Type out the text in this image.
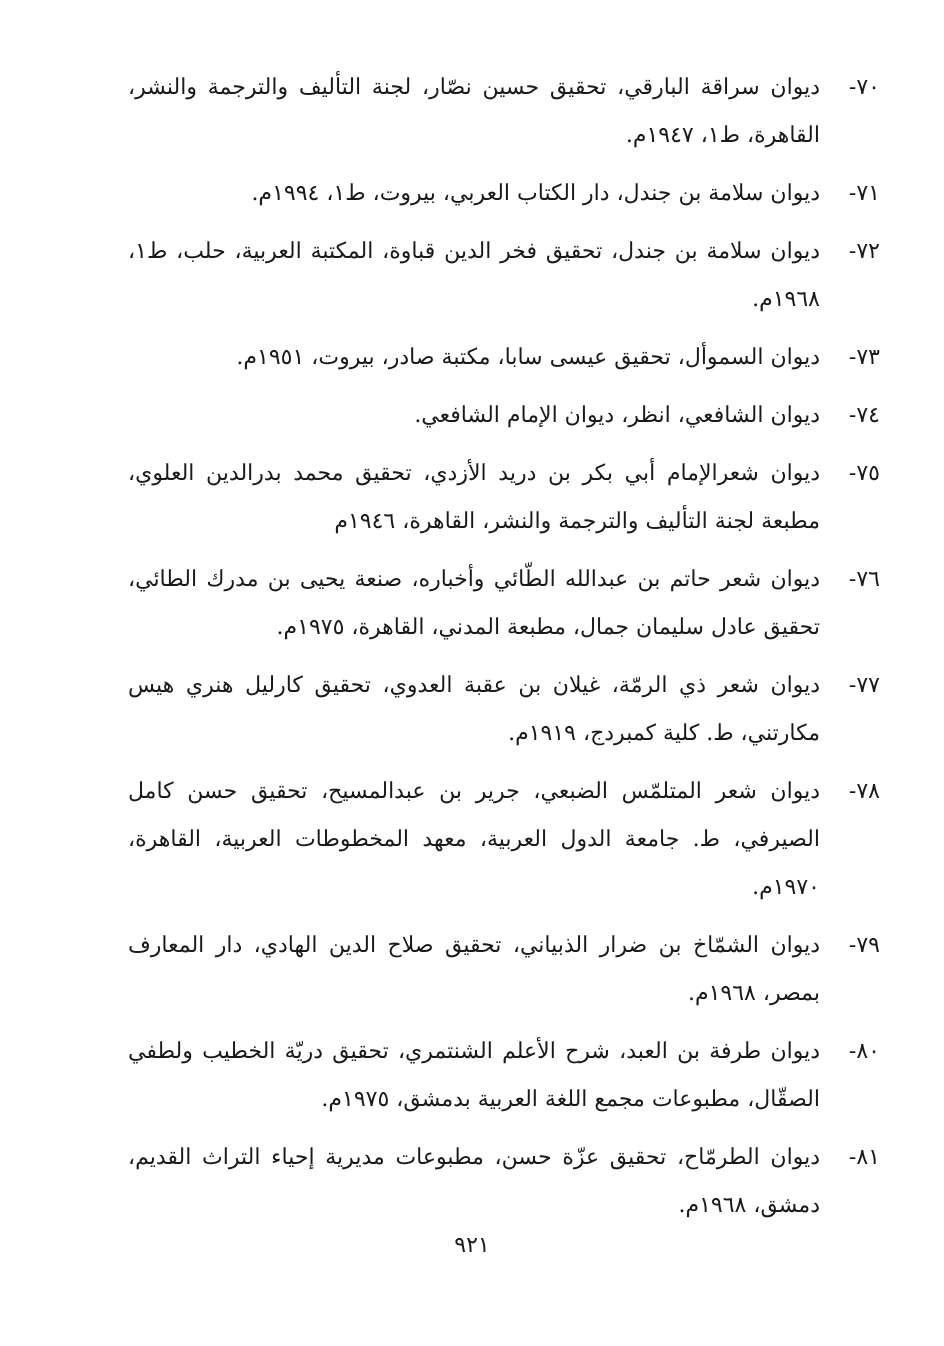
٧٠-
ديوان سراقة البارقي، تحقيق حسين نصّار، لجنة التأليف والترجمة والنشر، القاهرة، ط١، ١٩٤٧م.
٧١-
ديوان سلامة بن جندل، دار الكتاب العربي، بيروت، ط١، ١٩٩٤م.
٧٢-
ديوان سلامة بن جندل، تحقيق فخر الدين قباوة، المكتبة العربية، حلب، ط١، ١٩٦٨م.
٧٣-
ديوان السموأل، تحقيق عيسى سابا، مكتبة صادر، بيروت، ١٩٥١م.
٧٤-
ديوان الشافعي، انظر، ديوان الإمام الشافعي.
٧٥-
ديوان شعرالإمام أبي بكر بن دريد الأزدي، تحقيق محمد بدرالدين العلوي، مطبعة لجنة التأليف والترجمة والنشر، القاهرة، ١٩٤٦م
٧٦-
ديوان شعر حاتم بن عبدالله الطّائي وأخباره، صنعة يحيى بن مدرك الطائي، تحقيق عادل سليمان جمال، مطبعة المدني، القاهرة، ١٩٧٥م.
٧٧-
ديوان شعر ذي الرمّة، غيلان بن عقبة العدوي، تحقيق كارليل هنري هيس مكارتني، ط. كلية كمبردج، ١٩١٩م.
٧٨-
ديوان شعر المتلمّس الضبعي، جرير بن عبدالمسيح، تحقيق حسن كامل الصيرفي، ط. جامعة الدول العربية، معهد المخطوطات العربية، القاهرة، ١٩٧٠م.
٧٩-
ديوان الشمّاخ بن ضرار الذبياني، تحقيق صلاح الدين الهادي، دار المعارف بمصر، ١٩٦٨م.
٨٠-
ديوان طرفة بن العبد، شرح الأعلم الشنتمري، تحقيق دريّة الخطيب ولطفي الصقّال، مطبوعات مجمع اللغة العربية بدمشق، ١٩٧٥م.
٨١-
ديوان الطرمّاح، تحقيق عزّة حسن، مطبوعات مديرية إحياء التراث القديم، دمشق، ١٩٦٨م.
٩٢١
